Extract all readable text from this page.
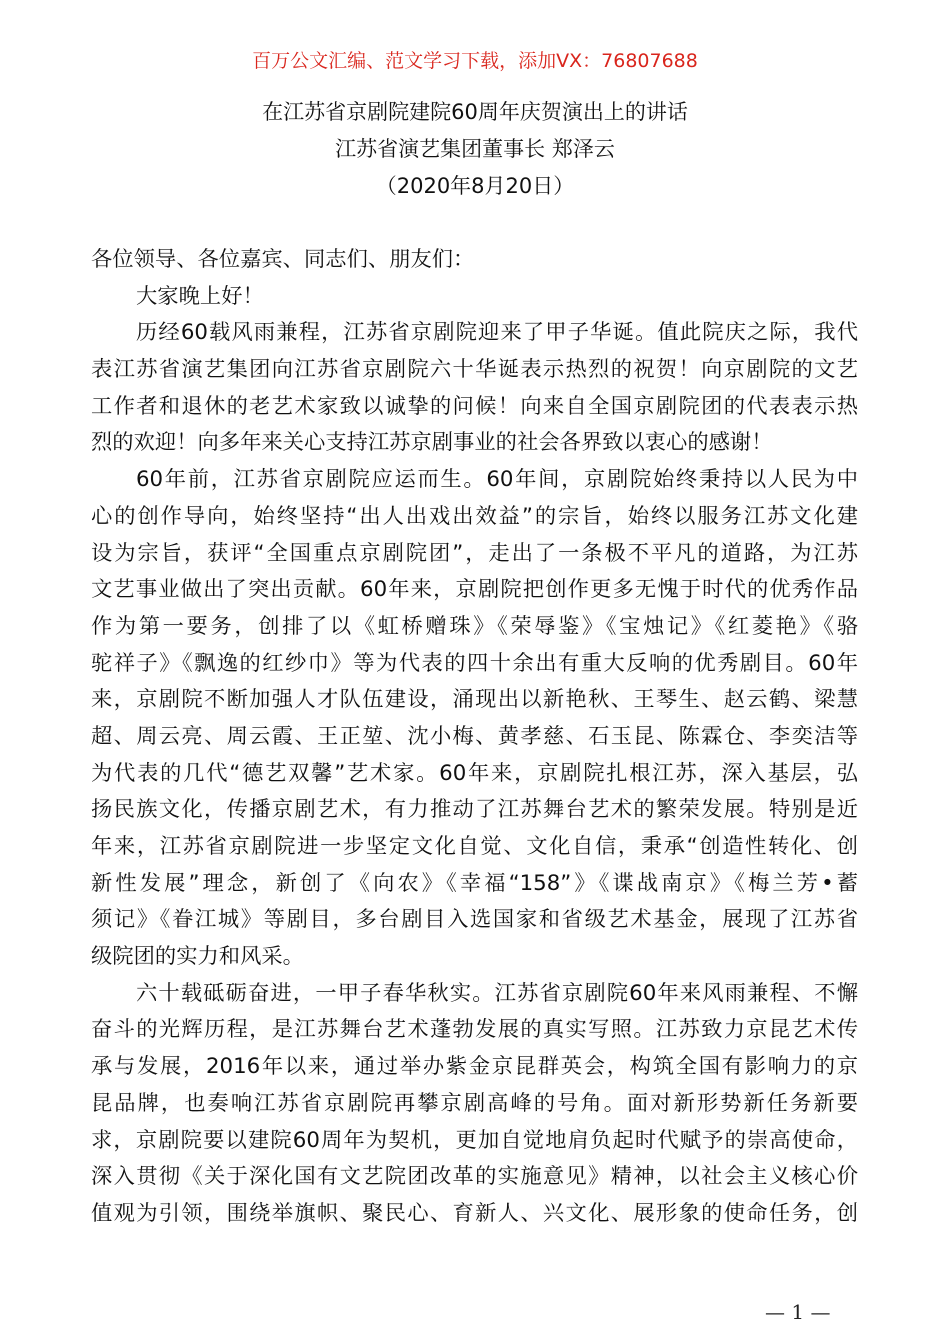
百万公文汇编、范文学习下载，添加VX：76807688
在江苏省京剧院建院60周年庆贺演出上的讲话
江苏省演艺集团董事长 郑泽云
（2020年8月20日）
各位领导、各位嘉宾、同志们、朋友们：
大家晚上好！
历经60载风雨兼程，江苏省京剧院迎来了甲子华诞。值此院庆之际，我代
表江苏省演艺集团向江苏省京剧院六十华诞表示热烈的祝贺！向京剧院的文艺
工作者和退休的老艺术家致以诚挚的问候！向来自全国京剧院团的代表表示热
烈的欢迎！向多年来关心支持江苏京剧事业的社会各界致以衷心的感谢！
60年前，江苏省京剧院应运而生。60年间，京剧院始终秉持以人民为中
心的创作导向，始终坚持“出人出戏出效益”的宗旨，始终以服务江苏文化建
设为宗旨，获评“全国重点京剧院团”，走出了一条极不平凡的道路，为江苏
文艺事业做出了突出贡献。60年来，京剧院把创作更多无愧于时代的优秀作品
作为第一要务，创排了以《虹桥赠珠》《荣辱鉴》《宝烛记》《红菱艳》《骆
驼祥子》《飘逸的红纱巾》等为代表的四十余出有重大反响的优秀剧目。60年
来，京剧院不断加强人才队伍建设，涌现出以新艳秋、王琴生、赵云鹤、梁慧
超、周云亮、周云霞、王正堃、沈小梅、黄孝慈、石玉昆、陈霖仓、李奕洁等
为代表的几代“德艺双馨”艺术家。60年来，京剧院扎根江苏，深入基层，弘
扬民族文化，传播京剧艺术，有力推动了江苏舞台艺术的繁荣发展。特别是近
年来，江苏省京剧院进一步坚定文化自觉、文化自信，秉承“创造性转化、创
新性发展”理念，新创了《向农》《幸福“158”》《谍战南京》《梅兰芳•蓄
须记》《眷江城》等剧目，多台剧目入选国家和省级艺术基金，展现了江苏省
级院团的实力和风采。
六十载砥砺奋进，一甲子春华秋实。江苏省京剧院60年来风雨兼程、不懈
奋斗的光辉历程，是江苏舞台艺术蓬勃发展的真实写照。江苏致力京昆艺术传
承与发展，2016年以来，通过举办紫金京昆群英会，构筑全国有影响力的京
昆品牌，也奏响江苏省京剧院再攀京剧高峰的号角。面对新形势新任务新要
求，京剧院要以建院60周年为契机，更加自觉地肩负起时代赋予的崇高使命，
深入贯彻《关于深化国有文艺院团改革的实施意见》精神，以社会主义核心价
值观为引领，围绕举旗帜、聚民心、育新人、兴文化、展形象的使命任务，创
— 1 —
